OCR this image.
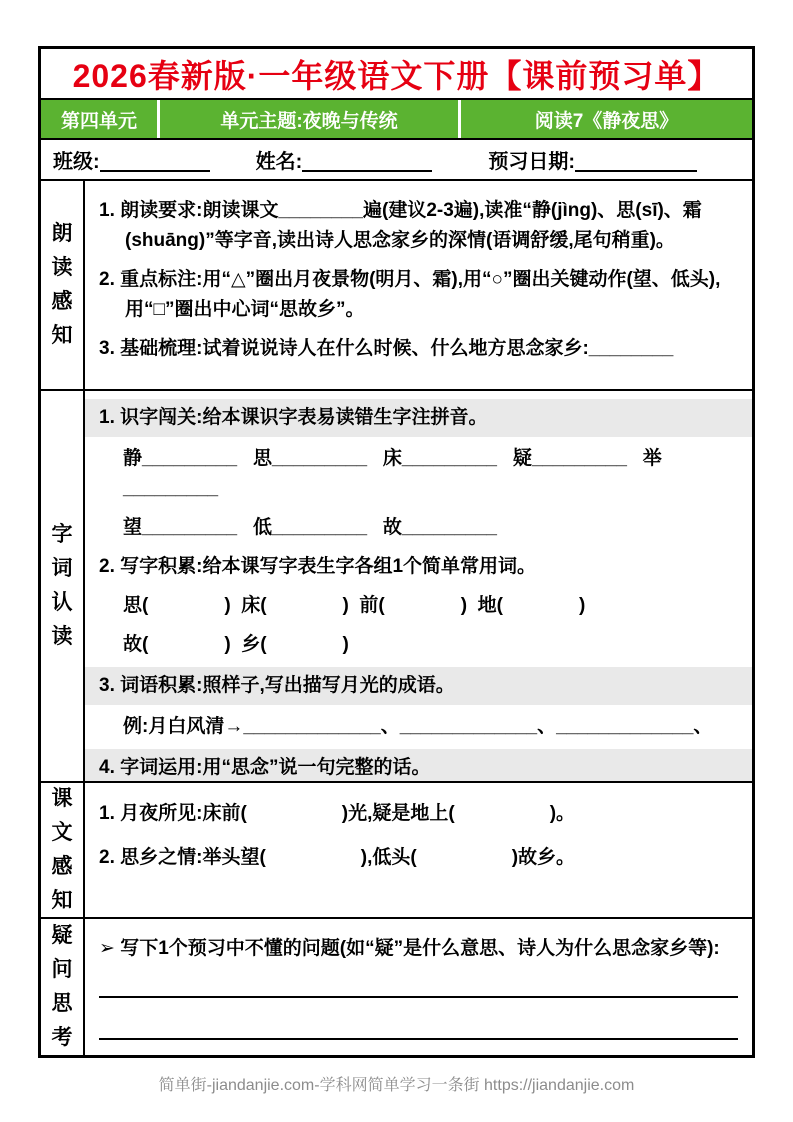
2026春新版·一年级语文下册【课前预习单】
第四单元	单元主题:夜晚与传统	阅读7《静夜思》
班级:	姓名:	预习日期:
朗读感知
1. 朗读要求:朗读课文________遍(建议2-3遍),读准“静(jìng)、思(sī)、霜(shuāng)”等字音,读出诗人思念家乡的深情(语调舒缓,尾句稍重)。
2. 重点标注:用“△”圈出月夜景物(明月、霜),用“○”圈出关键动作(望、低头),用“□”圈出中心词“思故乡”。
3. 基础梳理:试着说说诗人在什么时候、什么地方思念家乡:________
字词认读
1. 识字闯关:给本课识字表易读错生字注拼音。
静_________   思_________   床_________   疑_________   举_________
望_________   低_________   故_________
2. 写字积累:给本课写字表生字各组1个简单常用词。
思(　　　　)  床(　　　　)  前(　　　　)  地(　　　　)
故(　　　　)  乡(　　　　)
3. 词语积累:照样子,写出描写月光的成语。
例:月白风清→_____________、_____________、_____________、
4. 字词运用:用“思念”说一句完整的话。
课文感知
1. 月夜所见:床前(　　　　　)光,疑是地上(　　　　　)。
2. 思乡之情:举头望(　　　　　),低头(　　　　　)故乡。
疑问思考
➢ 写下1个预习中不懂的问题(如“疑”是什么意思、诗人为什么思念家乡等):
简单街-jiandanjie.com-学科网简单学习一条街 https://jiandanjie.com
